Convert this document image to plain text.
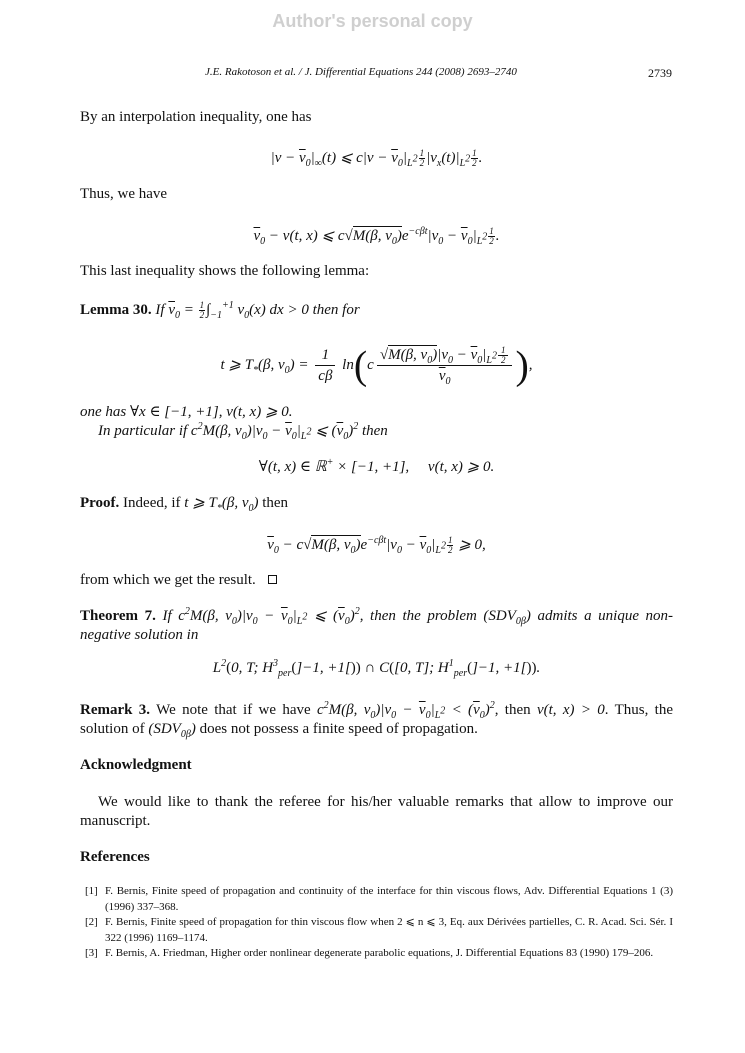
Author's personal copy
J.E. Rakotoson et al. / J. Differential Equations 244 (2008) 2693–2740	2739
By an interpolation inequality, one has
$|v - \overline{v}_0|_\infty(t)$ ⩽ $c|v - \overline{v}_0|_{L^2} \frac{1}{2} |v_x(t)|_{L^2} \frac{1}{2}$ .
Thus, we have
$\overline{v}_0 - v(t$, x) ⩽ c√M(β, $v_0)e^{-c\beta t}|v_0 - \overline{v}_0|_{L^2} \frac{1}{2}$ .
This last inequality shows the following lemma:
Lemma 30. If $\overline{v}_0 = \frac{1}{2} \int_{-1}^{+1}$ $v_0(x)$ dx > 0 then for
t ⩾ $T_*(\beta$, $v_0) = \frac{1}{c\beta} \ln(c \frac{√M(\beta, v_0)|v_0 - \overline{v}_0|_{L^2} \frac{1}{2}}{\overline{v}_0}$ ),
one has ∀x ∈ [−1, +1], v(t, x) ⩾ 0.
In particular if $c^2M(\beta$, $v_0)|v_0 - \overline{v}_0|_{L^2}$ ⩽ $(\overline{v}_0)^2$ then
∀(t, x) ∈ ℝ+ × [−1, +1],     v(t, x) ⩾ 0.
Proof. Indeed, if t ⩾ $T_*(\beta$, $v_0$) then
$\overline{v}_0 - c√M(\beta$, $v_0)e^{-c\beta t}|v_0 - \overline{v}_0|_{L^2} \frac{1}{2}$ ⩾ 0,
from which we get the result.
Theorem 7. If $c^2M(\beta$, $v_0)|v_0 - \overline{v}_0|_{L^2}$ ⩽ $(\overline{v}_0)^2$, then the problem $(SDV_{0\beta})$ admits a unique non-negative solution in
$L^2(0$, T; $H^3_{per}(]-1$, +1[)) ∩ C([0, T]; $H^1_{per}(]-1$, +1[)).
Remark 3. We note that if we have $c^2M(\beta$, $v_0)|v_0 - \overline{v}_0|_{L^2} < (\overline{v}_0)^2$, then v(t, x) > 0. Thus, the solution of $(SDV_{0\beta})$ does not possess a finite speed of propagation.
Acknowledgment
We would like to thank the referee for his/her valuable remarks that allow to improve our manuscript.
References
[1] F. Bernis, Finite speed of propagation and continuity of the interface for thin viscous flows, Adv. Differential Equations 1 (3) (1996) 337–368.
[2] F. Bernis, Finite speed of propagation for thin viscous flow when 2 ⩽ n ⩽ 3, Eq. aux Dérivées partielles, C. R. Acad. Sci. Sér. I 322 (1996) 1169–1174.
[3] F. Bernis, A. Friedman, Higher order nonlinear degenerate parabolic equations, J. Differential Equations 83 (1990) 179–206.
